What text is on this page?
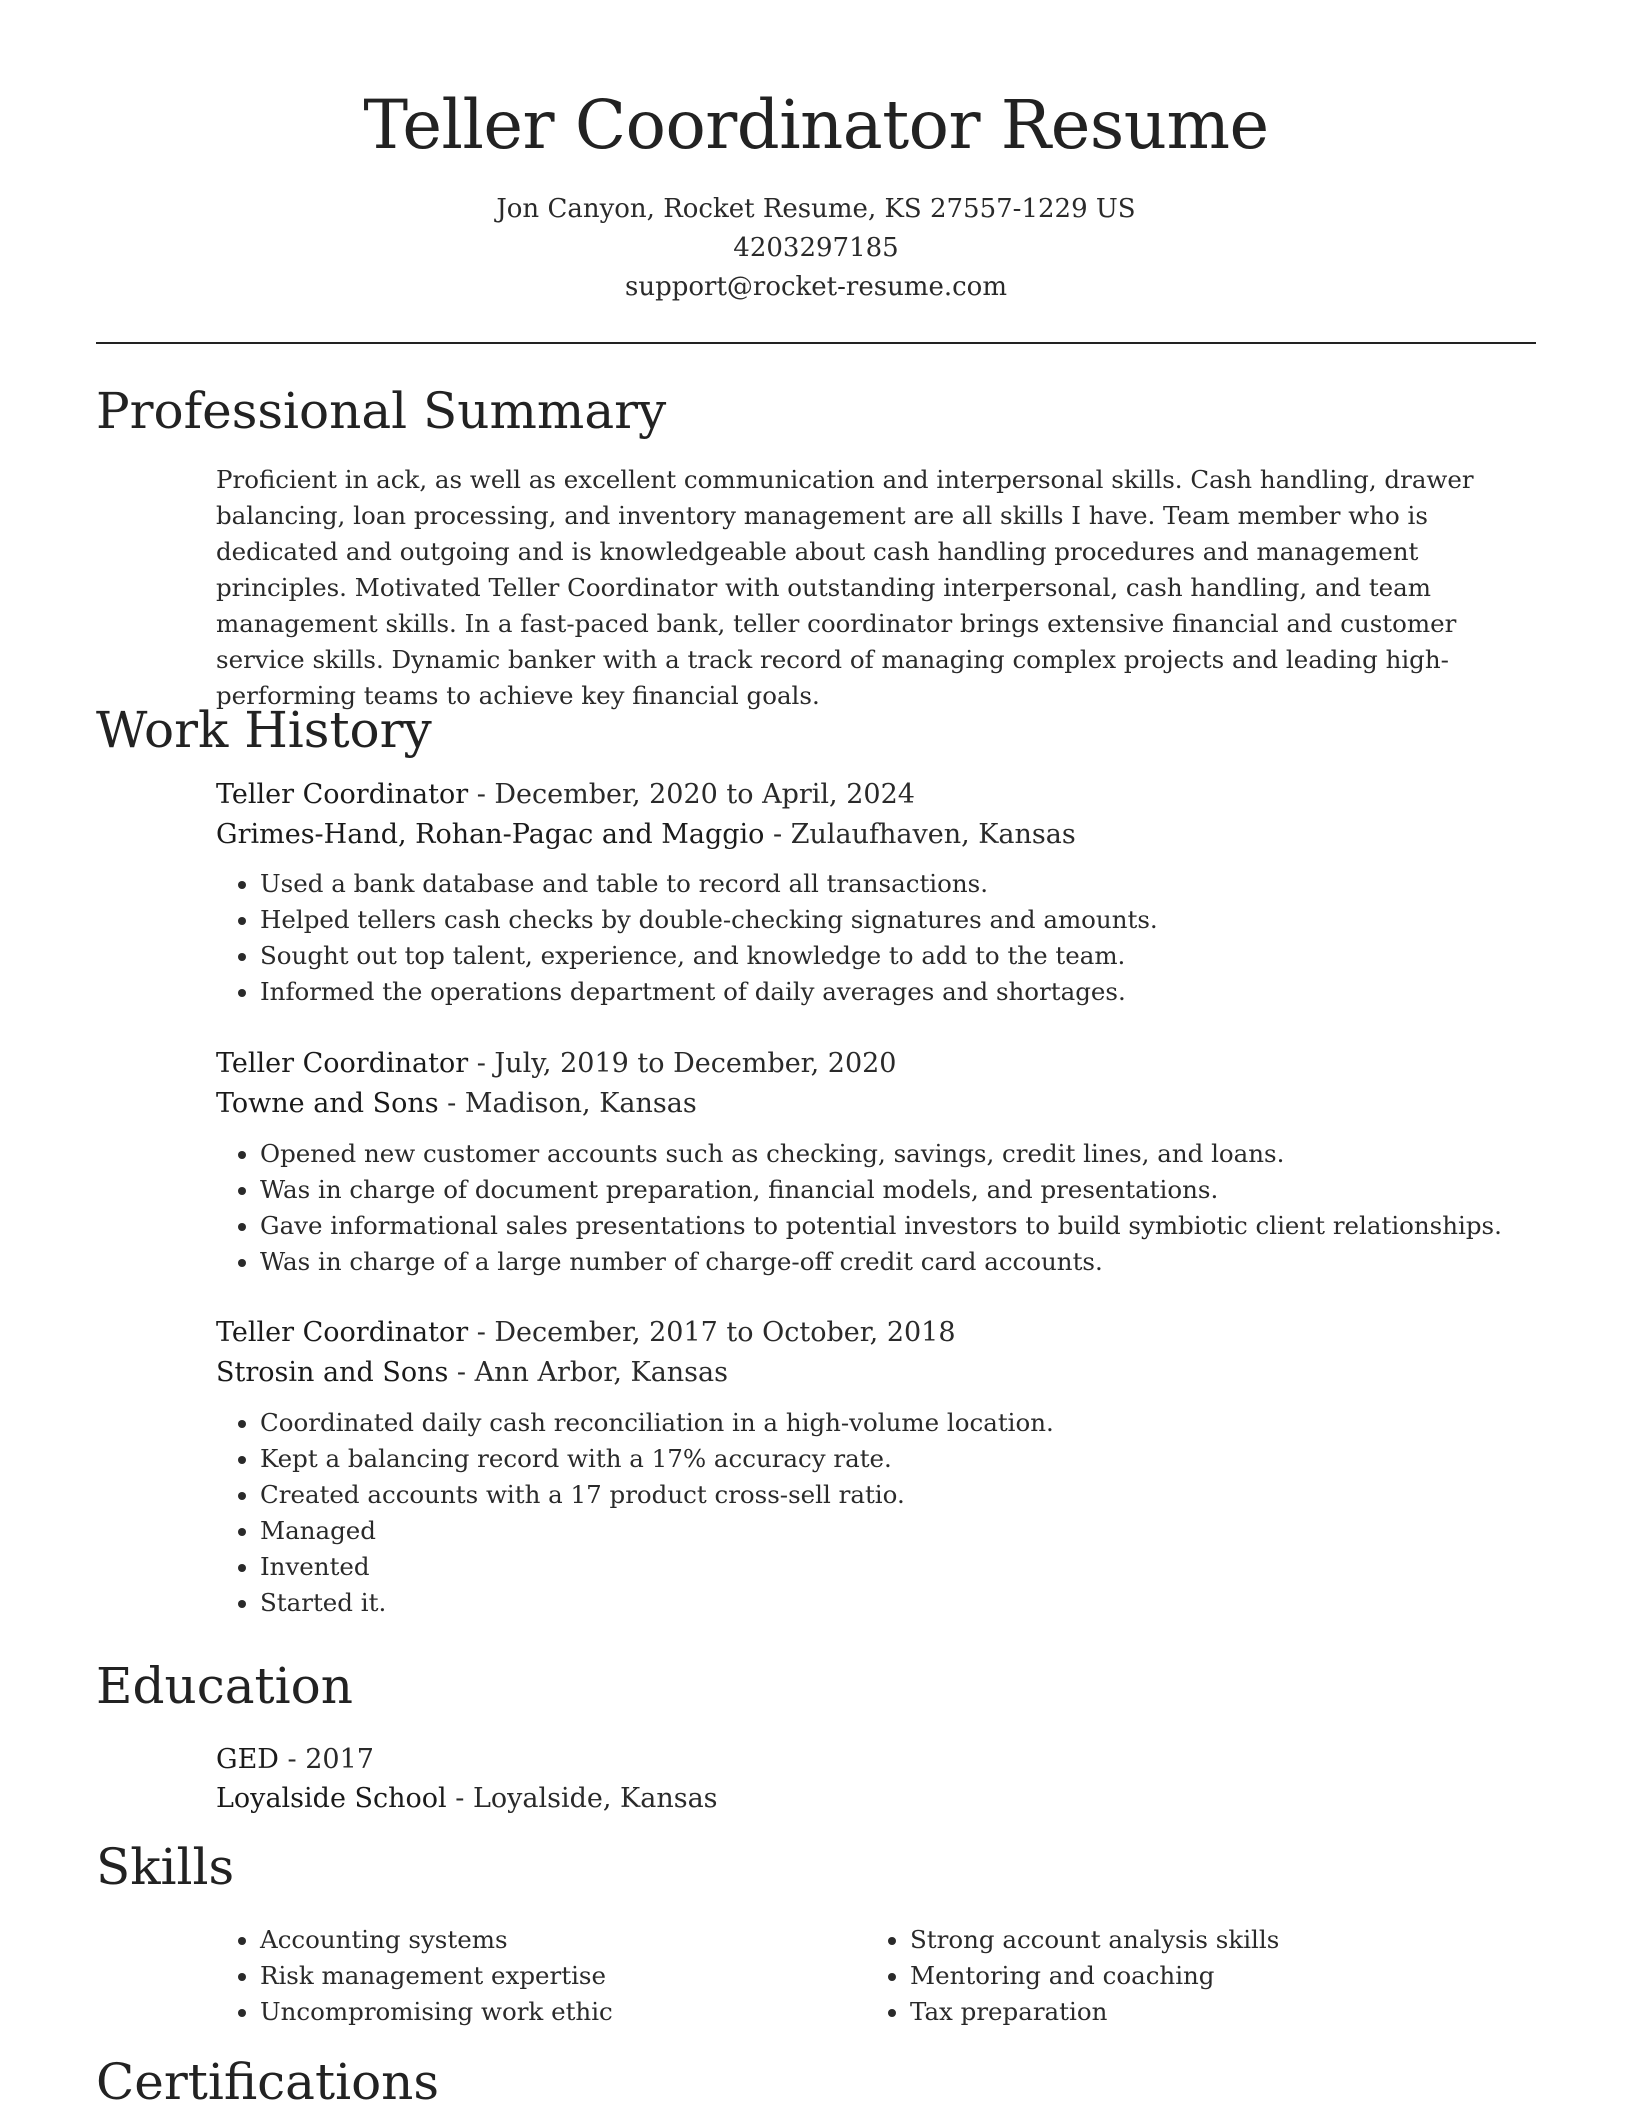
Teller Coordinator Resume
Jon Canyon, Rocket Resume, KS 27557-1229 US
4203297185
support@rocket-resume.com
Professional Summary

Proficient in ack, as well as excellent communication and interpersonal skills. Cash handling, drawer balancing, loan processing, and inventory management are all skills I have. Team member who is dedicated and outgoing and is knowledgeable about cash handling procedures and management principles. Motivated Teller Coordinator with outstanding interpersonal, cash handling, and team management skills. In a fast-paced bank, teller coordinator brings extensive financial and customer service skills. Dynamic banker with a track record of managing complex projects and leading high-performing teams to achieve key financial goals.

Work History
Teller Coordinator - December, 2020 to April, 2024
Grimes-Hand, Rohan-Pagac and Maggio - Zulaufhaven, Kansas
• Used a bank database and table to record all transactions.
• Helped tellers cash checks by double-checking signatures and amounts.
• Sought out top talent, experience, and knowledge to add to the team.
• Informed the operations department of daily averages and shortages.
Teller Coordinator - July, 2019 to December, 2020
Towne and Sons - Madison, Kansas
• Opened new customer accounts such as checking, savings, credit lines, and loans.
• Was in charge of document preparation, financial models, and presentations.
• Gave informational sales presentations to potential investors to build symbiotic client relationships.
• Was in charge of a large number of charge-off credit card accounts.
Teller Coordinator - December, 2017 to October, 2018
Strosin and Sons - Ann Arbor, Kansas
• Coordinated daily cash reconciliation in a high-volume location.
• Kept a balancing record with a 17% accuracy rate.
• Created accounts with a 17 product cross-sell ratio.
• Managed
• Invented
• Started it.
Education
GED - 2017
Loyalside School - Loyalside, Kansas
Skills
• Accounting systems
• Risk management expertise
• Uncompromising work ethic
• Strong account analysis skills
• Mentoring and coaching
• Tax preparation
Certifications
